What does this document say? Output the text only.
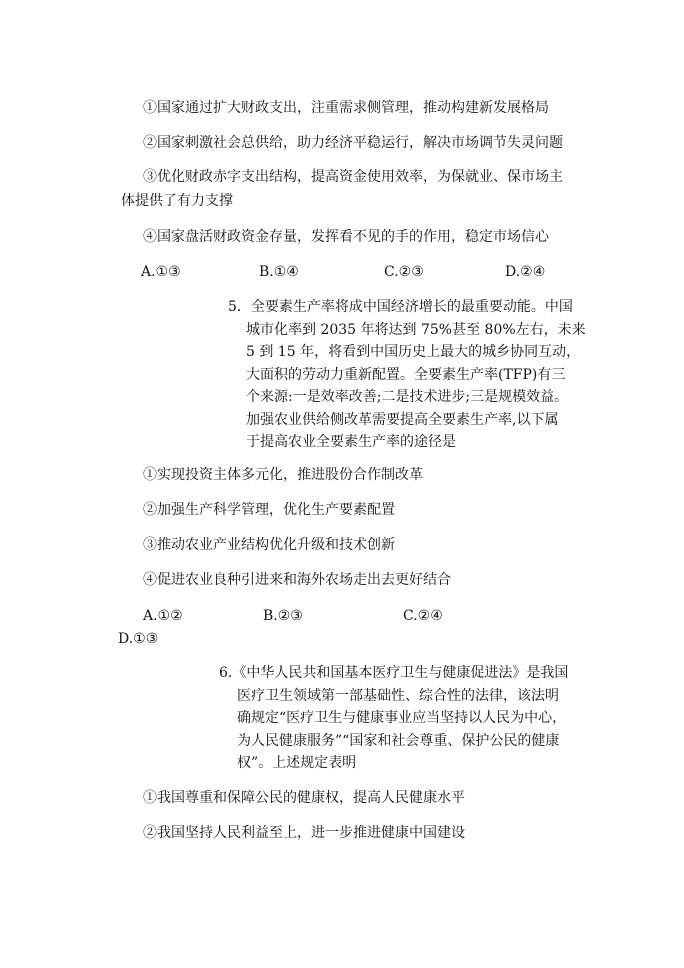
①国家通过扩大财政支出，注重需求侧管理，推动构建新发展格局
②国家刺激社会总供给，助力经济平稳运行，解决市场调节失灵问题
③优化财政赤字支出结构，提高资金使用效率，为保就业、保市场主
体提供了有力支撑
④国家盘活财政资金存量，发挥看不见的手的作用，稳定市场信心
A.①③	B.①④	C.②③	D.②④

5．全要素生产率将成中国经济增长的最重要动能。中国

城市化率到 2035 年将达到 75%甚至 80%左右，未来

5 到 15 年，将看到中国历史上最大的城乡协同互动，

大面积的劳动力重新配置。全要素生产率(TFP)有三

个来源:一是效率改善;二是技术进步;三是规模效益。

加强农业供给侧改革需要提高全要素生产率,以下属

于提高农业全要素生产率的途径是

①实现投资主体多元化，推进股份合作制改革
②加强生产科学管理，优化生产要素配置
③推动农业产业结构优化升级和技术创新
④促进农业良种引进来和海外农场走出去更好结合
A.①②	B.②③	C.②④
D.①③

6.《中华人民共和国基本医疗卫生与健康促进法》是我国

医疗卫生领域第一部基础性、综合性的法律，该法明

确规定“医疗卫生与健康事业应当坚持以人民为中心，

为人民健康服务”“国家和社会尊重、保护公民的健康

权”。上述规定表明

①我国尊重和保障公民的健康权，提高人民健康水平
②我国坚持人民利益至上，进一步推进健康中国建设
